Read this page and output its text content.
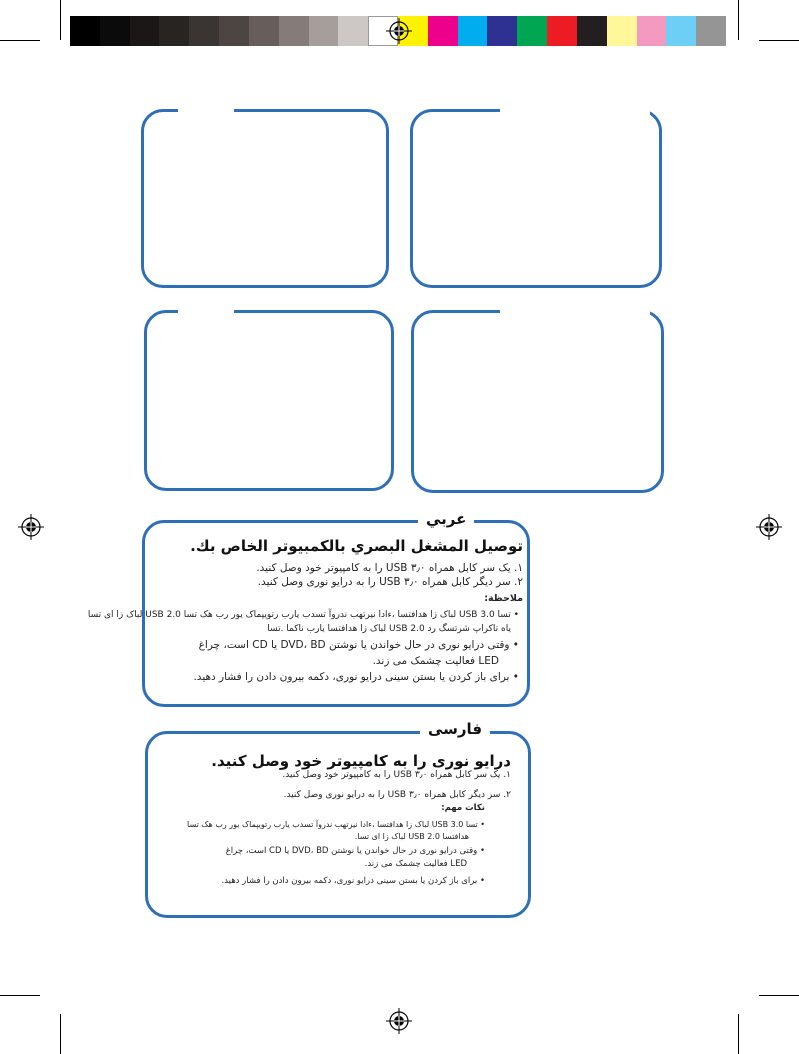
عربي
توصيل المشغل البصري بالكمبيوتر الخاص بك.
١. یک سر کابل همراه USB ۳٫۰ را به کامپیوتر خود وصل کنید.
٢. سر دیگر کابل همراه USB ۳٫۰ را به درایو نوری وصل کنید.
ملاحظة:
• تسا 3.0 USB لباک زا هدافتسا ،ءادا نیرتهب ندروآ تسدب یارب رتویپماک یور رب هک تسا 2.0 USB لباک زا ای تسا
یاه تاکراپ شرتسگ رد USB 2.0 لباک زا هدافتسا یارب ناکما .تسا
• وقتی درایو نوری در حال خواندن یا نوشتن DVD، BD یا CD است، چراغ
LED فعالیت چشمک می زند.
• برای باز کردن یا بستن سینی درایو نوری، دکمه بیرون دادن را فشار دهید.
فارسی
درایو نوری را به کامپیوتر خود وصل کنید.
١. یک سر کابل همراه USB ۳٫۰ را به کامپیوتر خود وصل کنید.
٢. سر دیگر کابل همراه USB ۳٫۰ را به درایو نوری وصل کنید.
نکات مهم:
• تسا 3.0 USB لباک زا هدافتسا ،ءادا نیرتهب ندروآ تسدب یارب رتویپماک یور رب هک تسا
هدافتسا USB 2.0 لباک زا ای تسا.
• وقتی درایو نوری در حال خواندن یا نوشتن DVD، BD یا CD است، چراغ
LED فعالیت چشمک می زند.
• برای باز کردن یا بستن سینی درایو نوری، دکمه بیرون دادن را فشار دهید.
